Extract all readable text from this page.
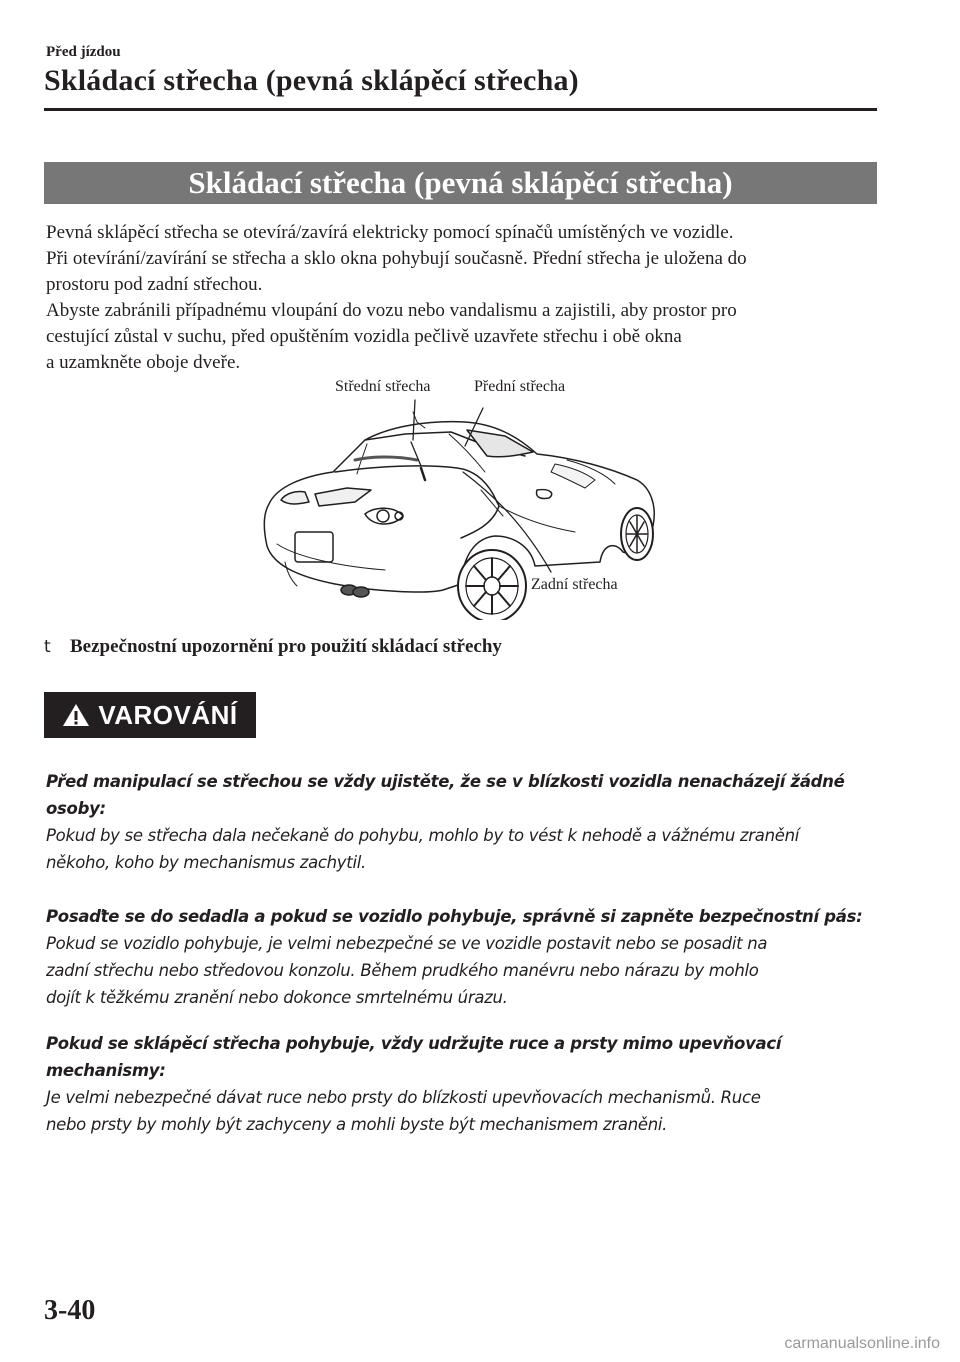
Před jízdou
Skládací střecha (pevná sklápěcí střecha)
Skládací střecha (pevná sklápěcí střecha)
Pevná sklápěcí střecha se otevírá/zavírá elektricky pomocí spínačů umístěných ve vozidle.
Při otevírání/zavírání se střecha a sklo okna pohybují současně. Přední střecha je uložena do
prostoru pod zadní střechou.
Abyste zabránili případnému vloupání do vozu nebo vandalismu a zajistili, aby prostor pro
cestující zůstal v suchu, před opuštěním vozidla pečlivě uzavřete střechu i obě okna
a uzamkněte oboje dveře.
Střední střecha	Přední střecha
Zadní střecha
t Bezpečnostní upozornění pro použití skládací střechy
VAROVÁNÍ
Před manipulací se střechou se vždy ujistěte, že se v blízkosti vozidla nenacházejí žádné
osoby:
Pokud by se střecha dala nečekaně do pohybu, mohlo by to vést k nehodě a vážnému zranění
někoho, koho by mechanismus zachytil.
Posaďte se do sedadla a pokud se vozidlo pohybuje, správně si zapněte bezpečnostní pás:
Pokud se vozidlo pohybuje, je velmi nebezpečné se ve vozidle postavit nebo se posadit na
zadní střechu nebo středovou konzolu. Během prudkého manévru nebo nárazu by mohlo
dojít k těžkému zranění nebo dokonce smrtelnému úrazu.
Pokud se sklápěcí střecha pohybuje, vždy udržujte ruce a prsty mimo upevňovací
mechanismy:
Je velmi nebezpečné dávat ruce nebo prsty do blízkosti upevňovacích mechanismů. Ruce
nebo prsty by mohly být zachyceny a mohli byste být mechanismem zraněni.
3-40
carmanualsonline.info
